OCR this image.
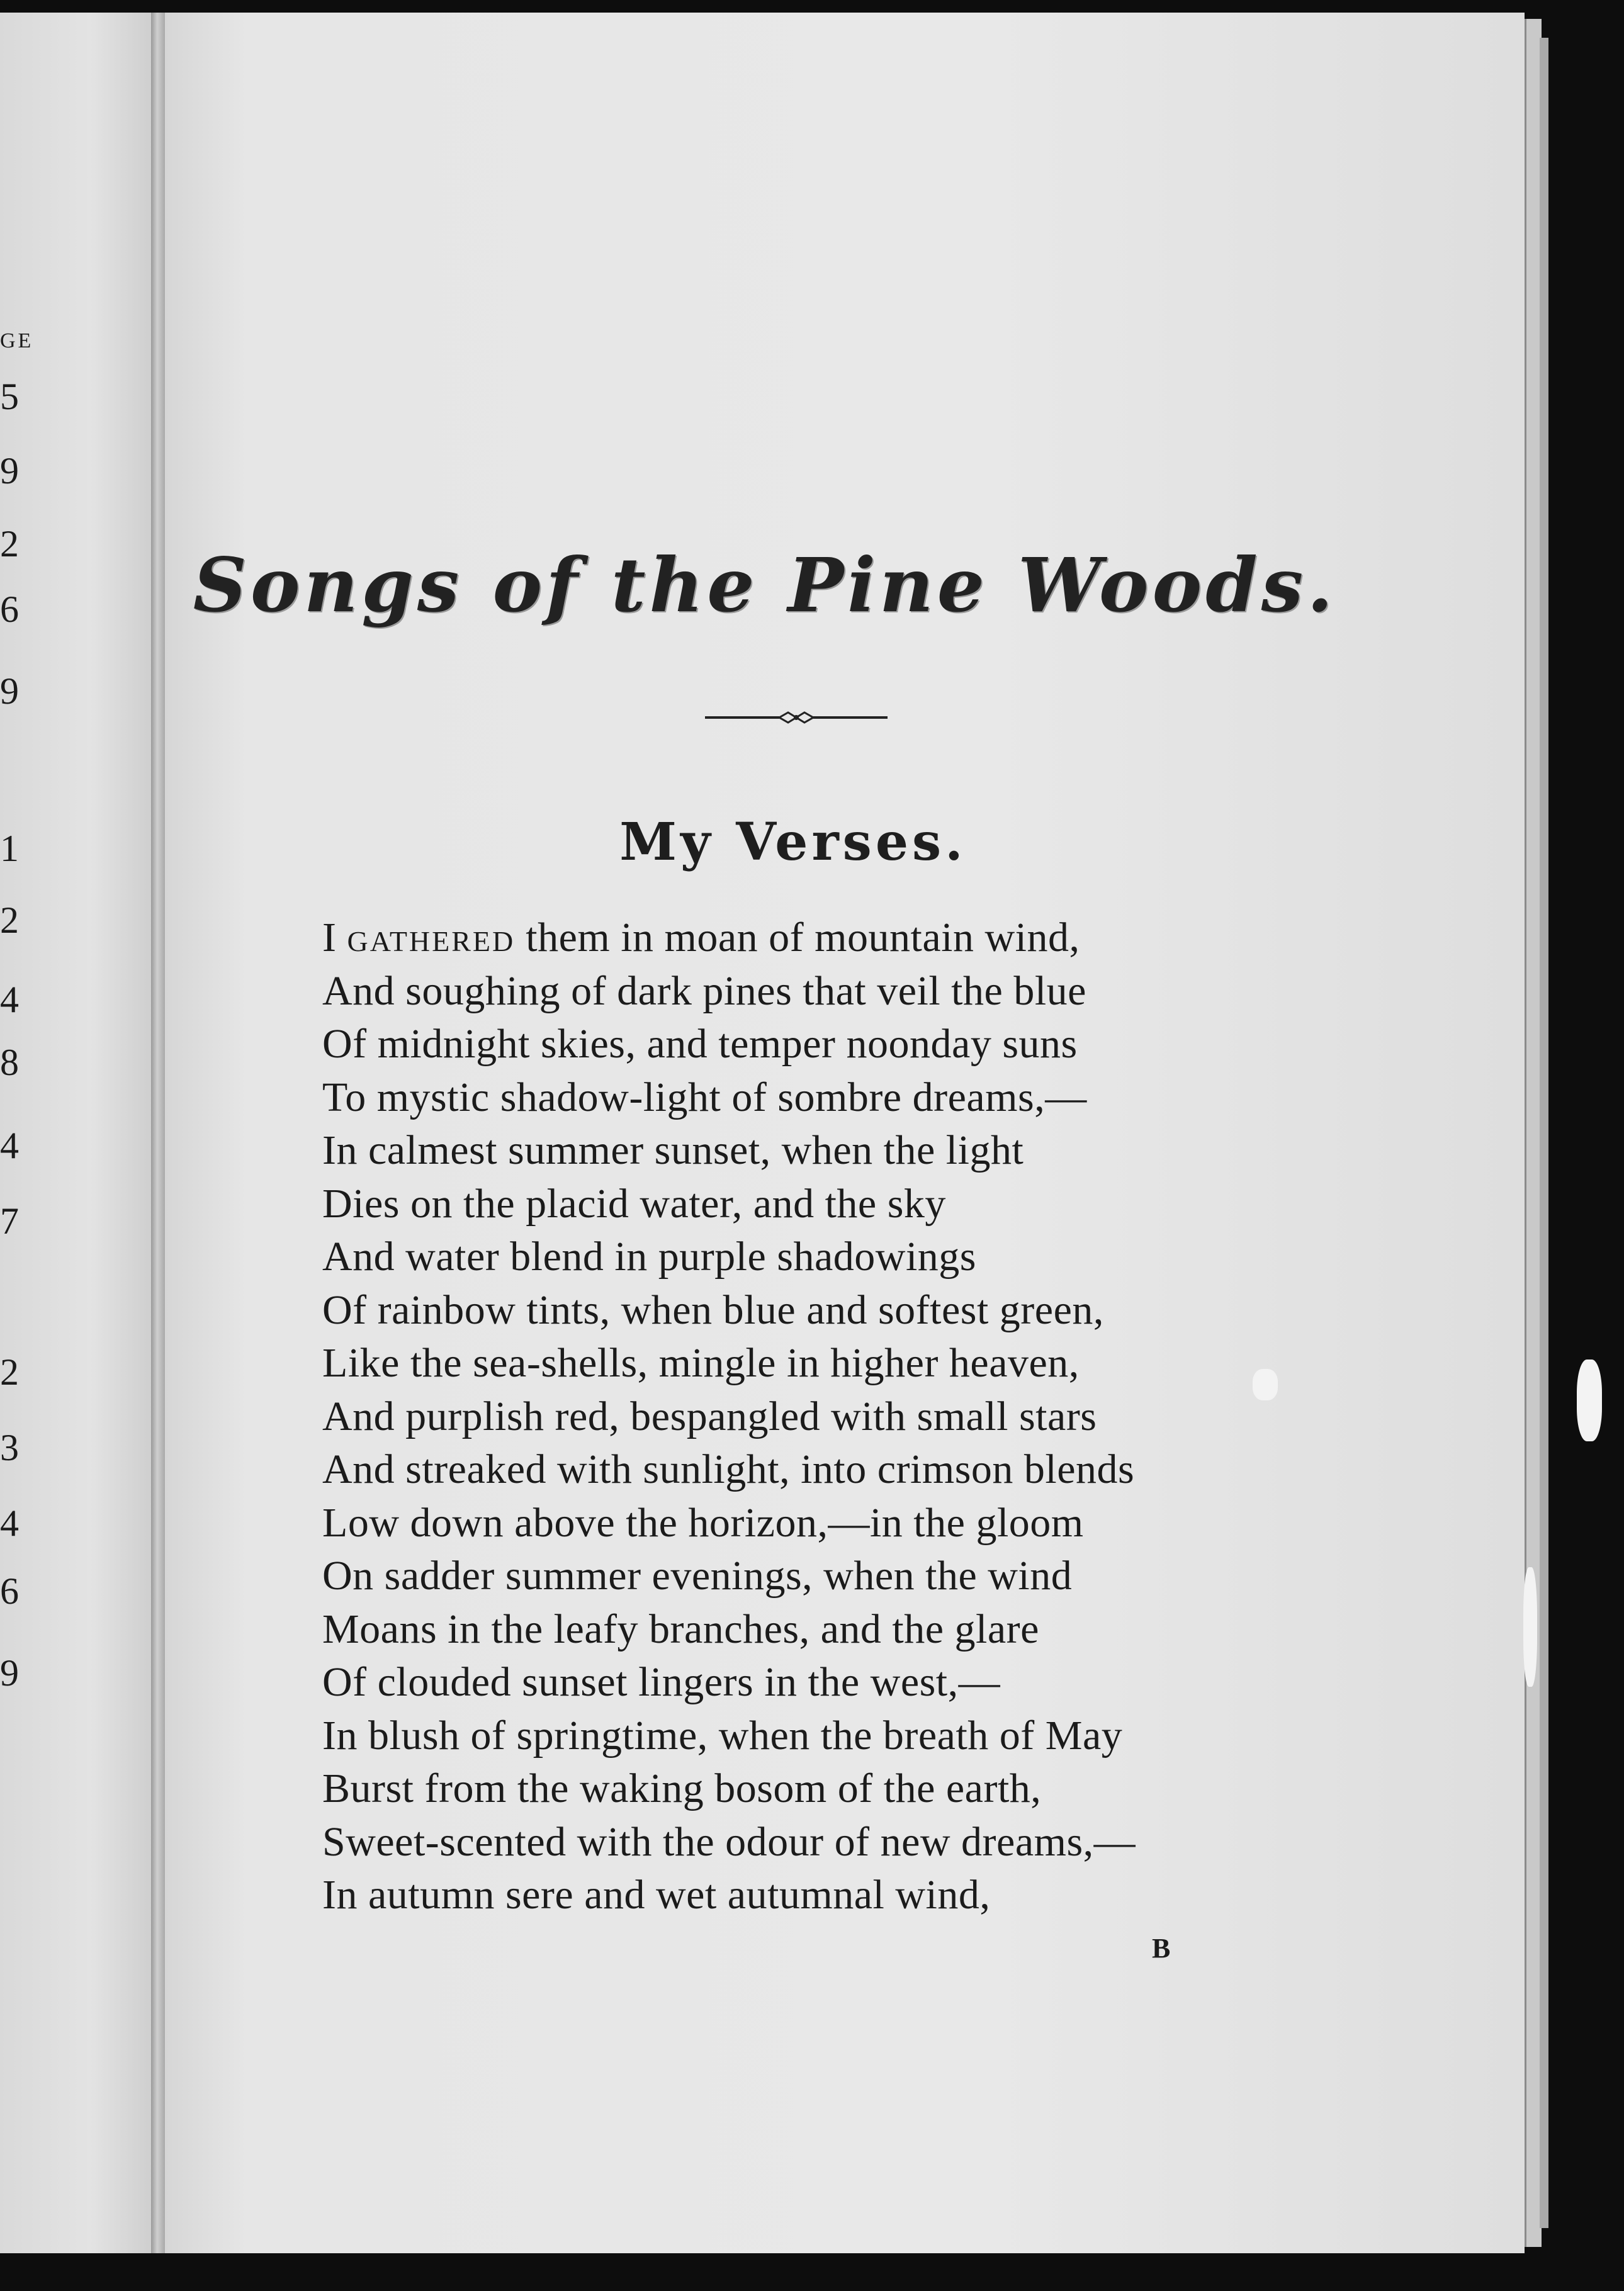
GE
5
9
2
6
9
1
2
4
8
4
7
2
3
4
6
9
Songs of the Pine Woods.
My Verses.
I gathered them in moan of mountain wind,
And soughing of dark pines that veil the blue
Of midnight skies, and temper noonday suns
To mystic shadow-light of sombre dreams,—
In calmest summer sunset, when the light
Dies on the placid water, and the sky
And water blend in purple shadowings
Of rainbow tints, when blue and softest green,
Like the sea-shells, mingle in higher heaven,
And purplish red, bespangled with small stars
And streaked with sunlight, into crimson blends
Low down above the horizon,—in the gloom
On sadder summer evenings, when the wind
Moans in the leafy branches, and the glare
Of clouded sunset lingers in the west,—
In blush of springtime, when the breath of May
Burst from the waking bosom of the earth,
Sweet-scented with the odour of new dreams,—
In autumn sere and wet autumnal wind,
B
